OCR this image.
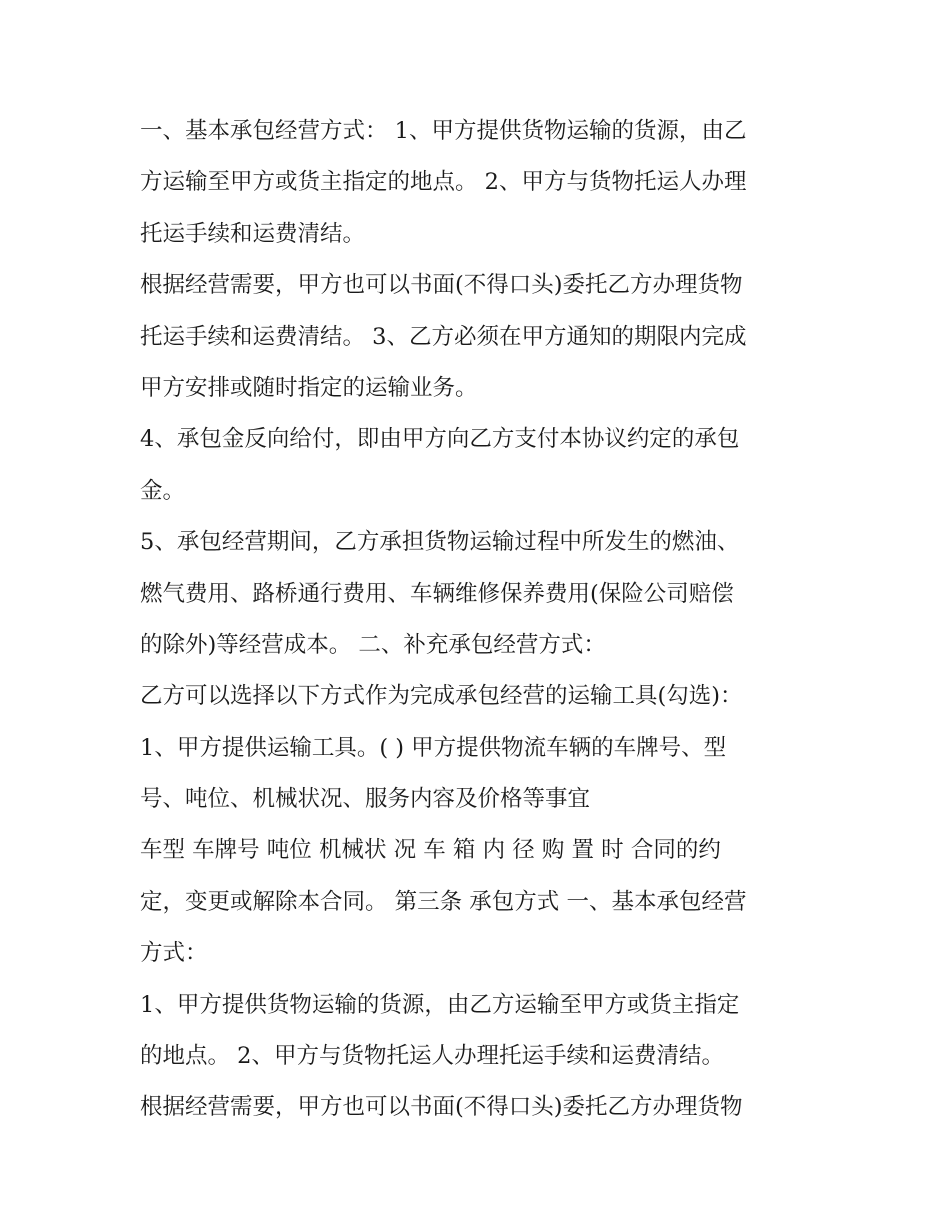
一、基本承包经营方式： 1、甲方提供货物运输的货源，由乙
方运输至甲方或货主指定的地点。 2、甲方与货物托运人办理
托运手续和运费清结。
根据经营需要，甲方也可以书面(不得口头)委托乙方办理货物
托运手续和运费清结。 3、乙方必须在甲方通知的期限内完成
甲方安排或随时指定的运输业务。
4、承包金反向给付，即由甲方向乙方支付本协议约定的承包
金。
5、承包经营期间，乙方承担货物运输过程中所发生的燃油、
燃气费用、路桥通行费用、车辆维修保养费用(保险公司赔偿
的除外)等经营成本。 二、补充承包经营方式：
乙方可以选择以下方式作为完成承包经营的运输工具(勾选)：
1、甲方提供运输工具。( ) 甲方提供物流车辆的车牌号、型
号、吨位、机械状况、服务内容及价格等事宜
车型 车牌号 吨位 机械状 况 车 箱 内 径 购 置 时 合同的约
定，变更或解除本合同。 第三条 承包方式 一、基本承包经营
方式：
1、甲方提供货物运输的货源，由乙方运输至甲方或货主指定
的地点。 2、甲方与货物托运人办理托运手续和运费清结。
根据经营需要，甲方也可以书面(不得口头)委托乙方办理货物
